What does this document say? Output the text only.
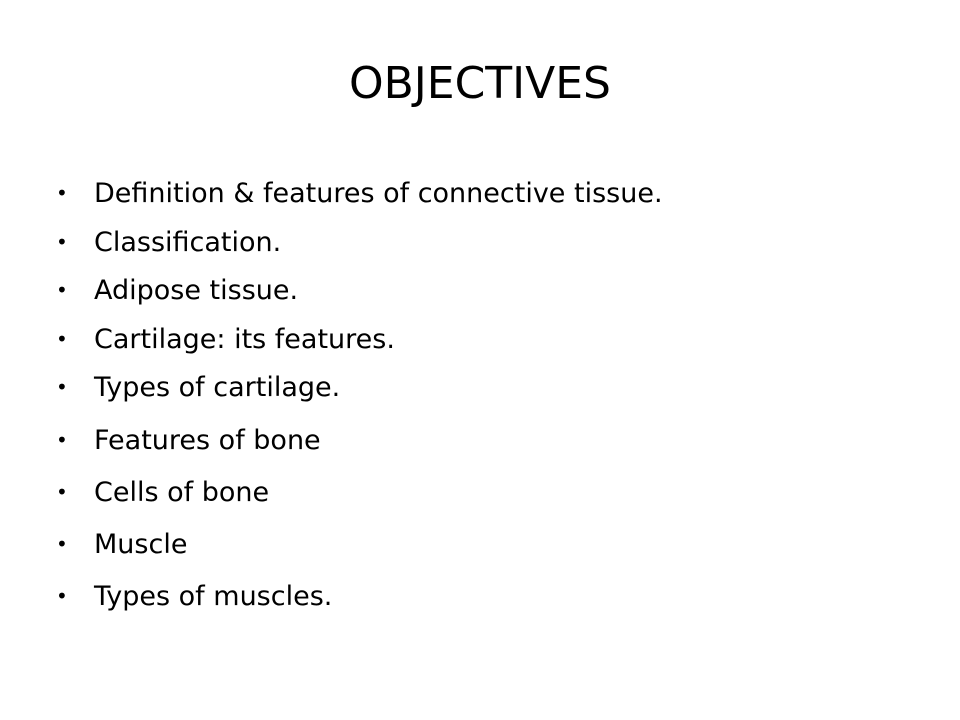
OBJECTIVES
• Definition & features of connective tissue.
• Classification.
• Adipose tissue.
• Cartilage: its features.
• Types of cartilage.
• Features of bone
• Cells of bone
• Muscle
• Types of muscles.
